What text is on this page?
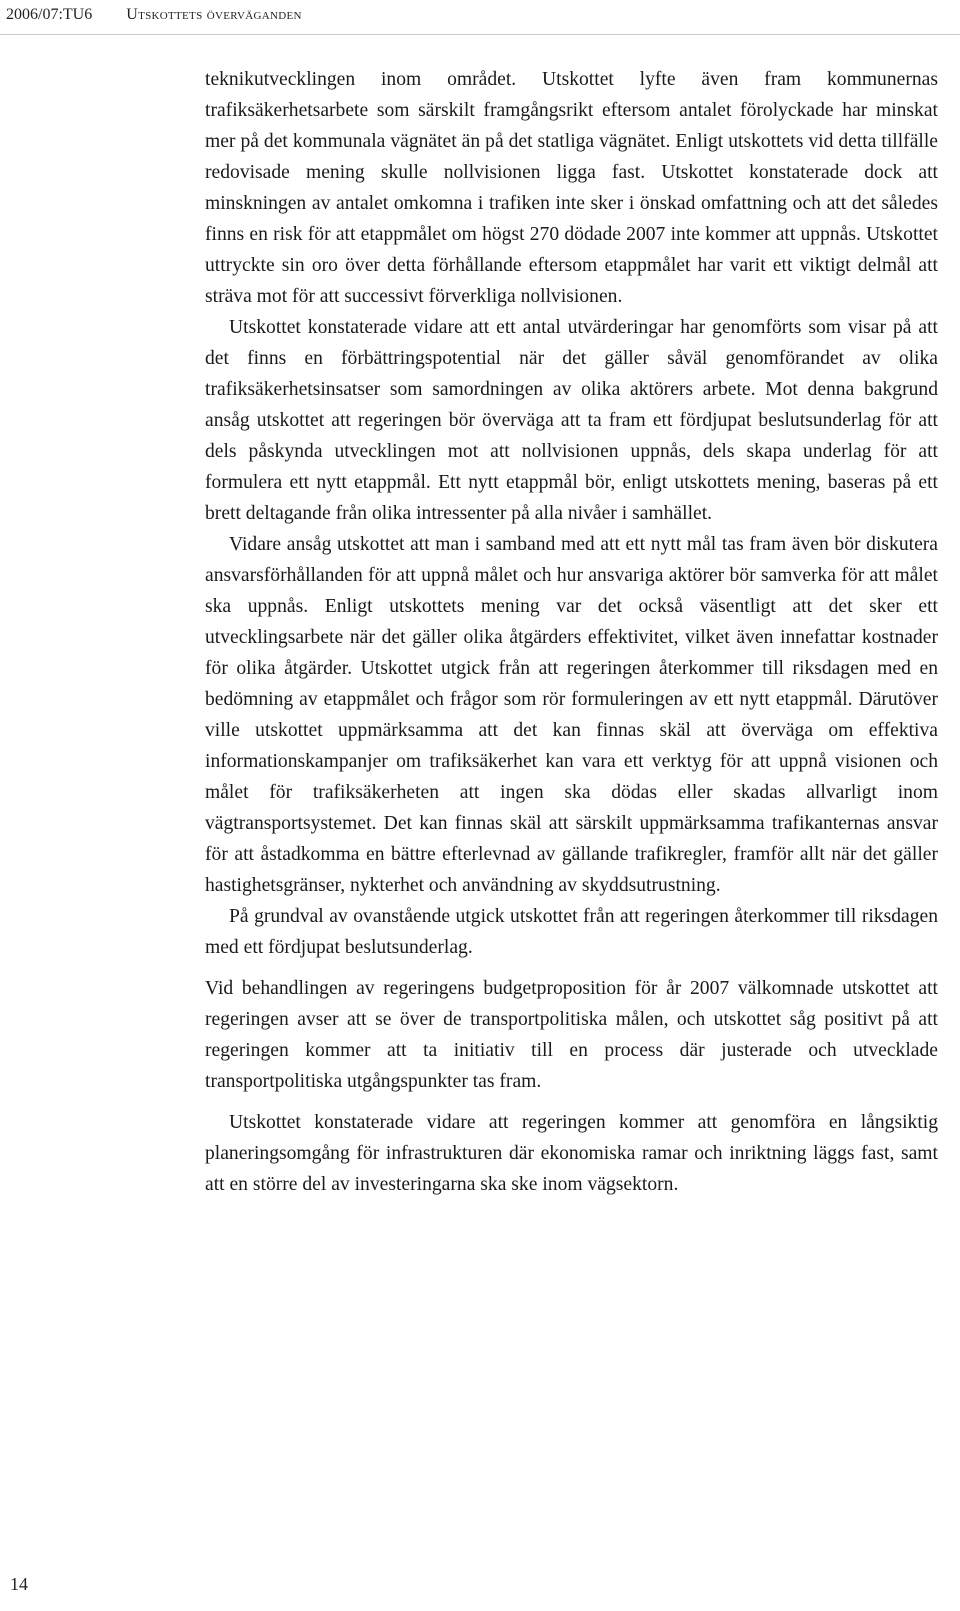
2006/07:TU6 Utskottets överväganden

teknikutvecklingen inom området. Utskottet lyfte även fram kommunernas trafiksäkerhetsarbete som särskilt framgångsrikt eftersom antalet förolyckade har minskat mer på det kommunala vägnätet än på det statliga vägnätet. Enligt utskottets vid detta tillfälle redovisade mening skulle nollvisionen ligga fast. Utskottet konstaterade dock att minskningen av antalet omkomna i trafiken inte sker i önskad omfattning och att det således finns en risk för att etappmålet om högst 270 dödade 2007 inte kommer att uppnås. Utskottet uttryckte sin oro över detta förhållande eftersom etappmålet har varit ett viktigt delmål att sträva mot för att successivt förverkliga nollvisionen.

Utskottet konstaterade vidare att ett antal utvärderingar har genomförts som visar på att det finns en förbättringspotential när det gäller såväl genomförandet av olika trafiksäkerhetsinsatser som samordningen av olika aktörers arbete. Mot denna bakgrund ansåg utskottet att regeringen bör överväga att ta fram ett fördjupat beslutsunderlag för att dels påskynda utvecklingen mot att nollvisionen uppnås, dels skapa underlag för att formulera ett nytt etappmål. Ett nytt etappmål bör, enligt utskottets mening, baseras på ett brett deltagande från olika intressenter på alla nivåer i samhället.

Vidare ansåg utskottet att man i samband med att ett nytt mål tas fram även bör diskutera ansvarsförhållanden för att uppnå målet och hur ansvariga aktörer bör samverka för att målet ska uppnås. Enligt utskottets mening var det också väsentligt att det sker ett utvecklingsarbete när det gäller olika åtgärders effektivitet, vilket även innefattar kostnader för olika åtgärder. Utskottet utgick från att regeringen återkommer till riksdagen med en bedömning av etappmålet och frågor som rör formuleringen av ett nytt etappmål. Därutöver ville utskottet uppmärksamma att det kan finnas skäl att överväga om effektiva informationskampanjer om trafiksäkerhet kan vara ett verktyg för att uppnå visionen och målet för trafiksäkerheten att ingen ska dödas eller skadas allvarligt inom vägtransportsystemet. Det kan finnas skäl att särskilt uppmärksamma trafikanternas ansvar för att åstadkomma en bättre efterlevnad av gällande trafikregler, framför allt när det gäller hastighetsgränser, nykterhet och användning av skyddsutrustning.

På grundval av ovanstående utgick utskottet från att regeringen återkommer till riksdagen med ett fördjupat beslutsunderlag.

Vid behandlingen av regeringens budgetproposition för år 2007 välkomnade utskottet att regeringen avser att se över de transportpolitiska målen, och utskottet såg positivt på att regeringen kommer att ta initiativ till en process där justerade och utvecklade transportpolitiska utgångspunkter tas fram.

Utskottet konstaterade vidare att regeringen kommer att genomföra en långsiktig planeringsomgång för infrastrukturen där ekonomiska ramar och inriktning läggs fast, samt att en större del av investeringarna ska ske inom vägsektorn.

14
